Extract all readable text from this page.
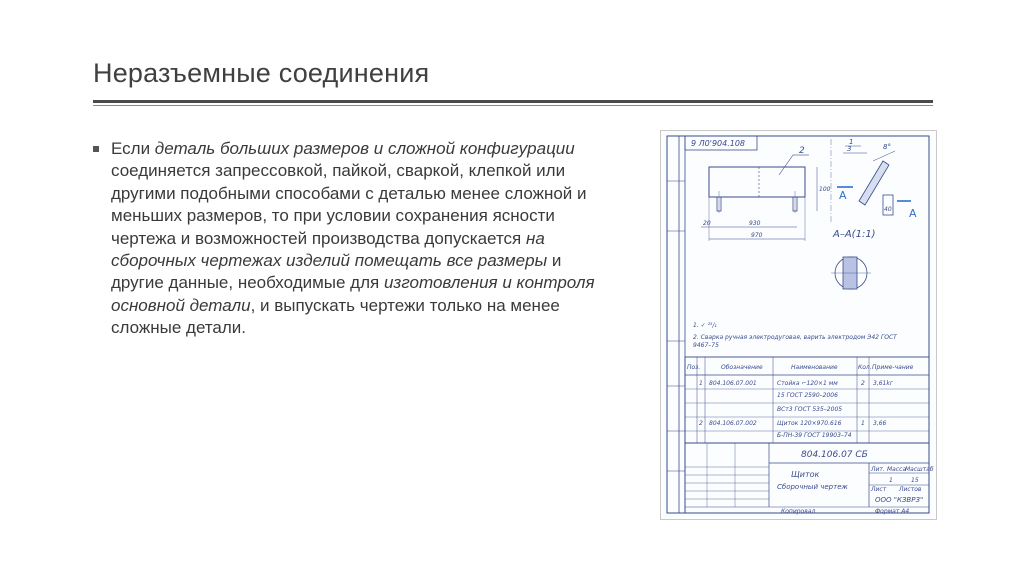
Неразъемные соединения
Если деталь больших размеров и сложной конфигурации соединяется запрессовкой, пайкой, сваркой, клепкой или другими подобными способами с деталью менее сложной и меньших размеров, то при условии сохранения ясности чертежа и возможностей производства допускается на сборочных чертежах изделий помещать все размеры и другие данные, необходимые для изготовления и контроля основной детали, и выпускать чертежи только на менее сложные детали.
9 Л0'904.108
2
930
970
20
100
3
1
8°
40
А
А
А–А(1:1)
1. ✓ ²⁵/₁
2. Сварка ручная электродуговая, варить электродом Э42 ГОСТ
9467–75
Поз.	Обозначение	Наименование	Кол. Приме-чание
1 804.106.07.001	Стойка ⌐120×1 мм	2 3,61kг
15 ГОСТ 2590–2006
ВСт3 ГОСТ 535–2005
2 804.106.07.002	Щиток 120×970.616	1 3,66
Б-ПН-39 ГОСТ 19903–74
804.106.07 СБ
Щиток
Сборочный чертеж
Лит. Масса
Масштаб
1	15
Лист Листов
ООО "КЗВРЗ"
Копировал	Формат А4
